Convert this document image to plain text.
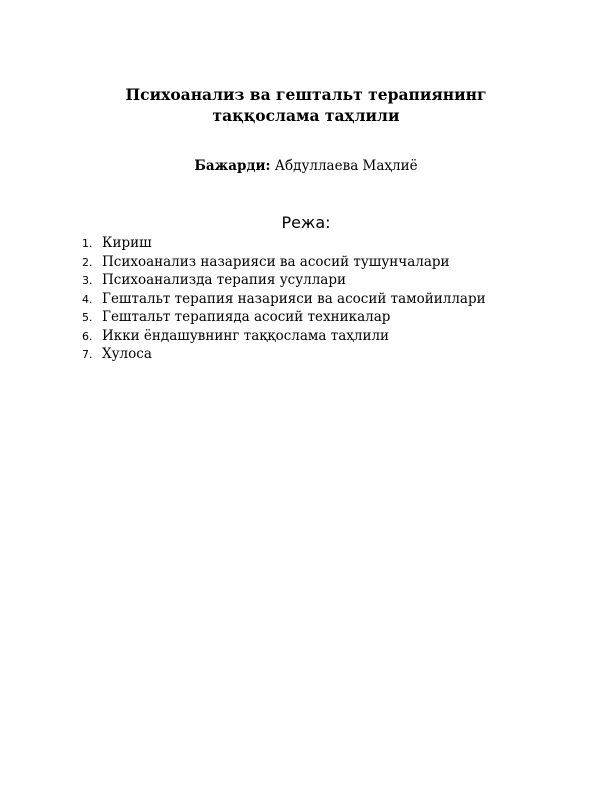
Психоанализ ва гештальт терапиянинг
таққослама таҳлили
Бажарди: Абдуллаева Маҳлиё
Режа:
1. Кириш
2. Психоанализ назарияси ва асосий тушунчалари
3. Психоанализда терапия усуллари
4. Гештальт терапия назарияси ва асосий тамойиллари
5. Гештальт терапияда асосий техникалар
6. Икки ёндашувнинг таққослама таҳлили
7. Хулоса
